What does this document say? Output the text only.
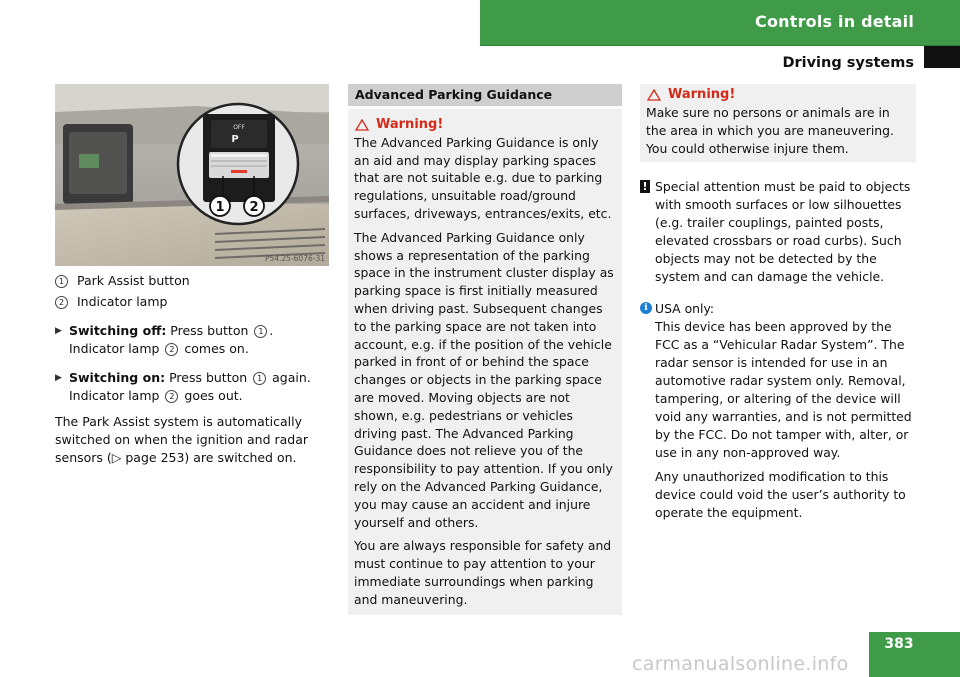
Controls in detail
Driving systems
OFF
P
1 2
P54.25-6076-31
1	Park Assist button
2	Indicator lamp
▶ Switching off: Press button 1 .
Indicator lamp 2 comes on.
▶ Switching on: Press button 1 again.
Indicator lamp 2 goes out.
The Park Assist system is automatically switched on when the ignition and radar sensors (▷ page 253) are switched on.
Advanced Parking Guidance
Warning!

The Advanced Parking Guidance is only an aid and may display parking spaces that are not suitable e.g. due to parking regulations, unsuitable road/ground surfaces, driveways, entrances/exits, etc.

The Advanced Parking Guidance only shows a representation of the parking space in the instrument cluster display as parking space is first initially measured when driving past. Subsequent changes to the parking space are not taken into account, e.g. if the position of the vehicle parked in front of or behind the space changes or objects in the parking space are moved. Moving objects are not shown, e.g. pedestrians or vehicles driving past. The Advanced Parking Guidance does not relieve you of the responsibility to pay attention. If you only rely on the Advanced Parking Guidance, you may cause an accident and injure yourself and others.

You are always responsible for safety and must continue to pay attention to your immediate surroundings when parking and maneuvering.

Warning!

Make sure no persons or animals are in the area in which you are maneuvering. You could otherwise injure them.

! Special attention must be paid to objects with smooth surfaces or low silhouettes (e.g. trailer couplings, painted posts, elevated crossbars or road curbs). Such objects may not be detected by the system and can damage the vehicle.
i USA only:

This device has been approved by the FCC as a “Vehicular Radar System”. The radar sensor is intended for use in an automotive radar system only. Removal, tampering, or altering of the device will void any warranties, and is not permitted by the FCC. Do not tamper with, alter, or use in any non-approved way.

Any unauthorized modification to this device could void the user’s authority to operate the equipment.

383
carmanualsonline.info
